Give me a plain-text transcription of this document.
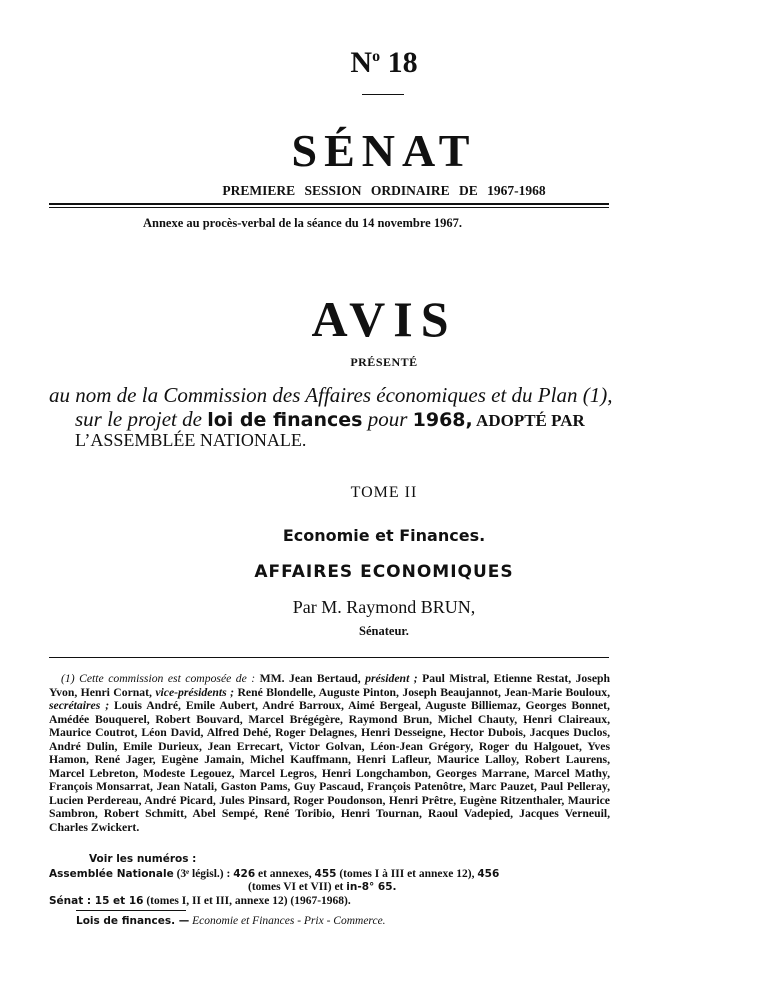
$N^o$ 18
SÉNAT
PREMIERE SESSION ORDINAIRE DE 1967-1968
Annexe au procès-verbal de la séance du 14 novembre 1967.
AVIS
PRÉSENTÉ
au nom de la Commission des Affaires économiques et du Plan (1),
sur le projet de loi de finances pour 1968, ADOPTÉ PAR
L’ASSEMBLÉE NATIONALE.
TOME II
Economie et Finances.
AFFAIRES ECONOMIQUES
Par M. Raymond BRUN,
Sénateur.

(1) Cette commission est composée de : MM. Jean Bertaud, président ; Paul Mistral, Etienne Restat, Joseph Yvon, Henri Cornat, vice-présidents ; René Blondelle, Auguste Pinton, Joseph Beaujannot, Jean-Marie Bouloux, secrétaires ; Louis André, Emile Aubert, André Barroux, Aimé Bergeal, Auguste Billiemaz, Georges Bonnet, Amédée Bouquerel, Robert Bouvard, Marcel Brégégère, Raymond Brun, Michel Chauty, Henri Claireaux, Maurice Coutrot, Léon David, Alfred Dehé, Roger Delagnes, Henri Desseigne, Hector Dubois, Jacques Duclos, André Dulin, Emile Durieux, Jean Errecart, Victor Golvan, Léon-Jean Grégory, Roger du Halgouet, Yves Hamon, René Jager, Eugène Jamain, Michel Kauffmann, Henri Lafleur, Maurice Lalloy, Robert Laurens, Marcel Lebreton, Modeste Legouez, Marcel Legros, Henri Longchambon, Georges Marrane, Marcel Mathy, François Monsarrat, Jean Natali, Gaston Pams, Guy Pascaud, François Patenôtre, Marc Pauzet, Paul Pelleray, Lucien Perdereau, André Picard, Jules Pinsard, Roger Poudonson, Henri Prêtre, Eugène Ritzenthaler, Maurice Sambron, Robert Schmitt, Abel Sempé, René Toribio, Henri Tournan, Raoul Vadepied, Jacques Verneuil, Charles Zwickert.

Voir les numéros :
Assemblée Nationale (3ᵉ législ.) : 426 et annexes, 455 (tomes I à III et annexe 12), 456
(tomes VI et VII) et in-8° 65.
Sénat : 15 et 16 (tomes I, II et III, annexe 12) (1967-1968).
Lois de finances. — Economie et Finances - Prix - Commerce.
